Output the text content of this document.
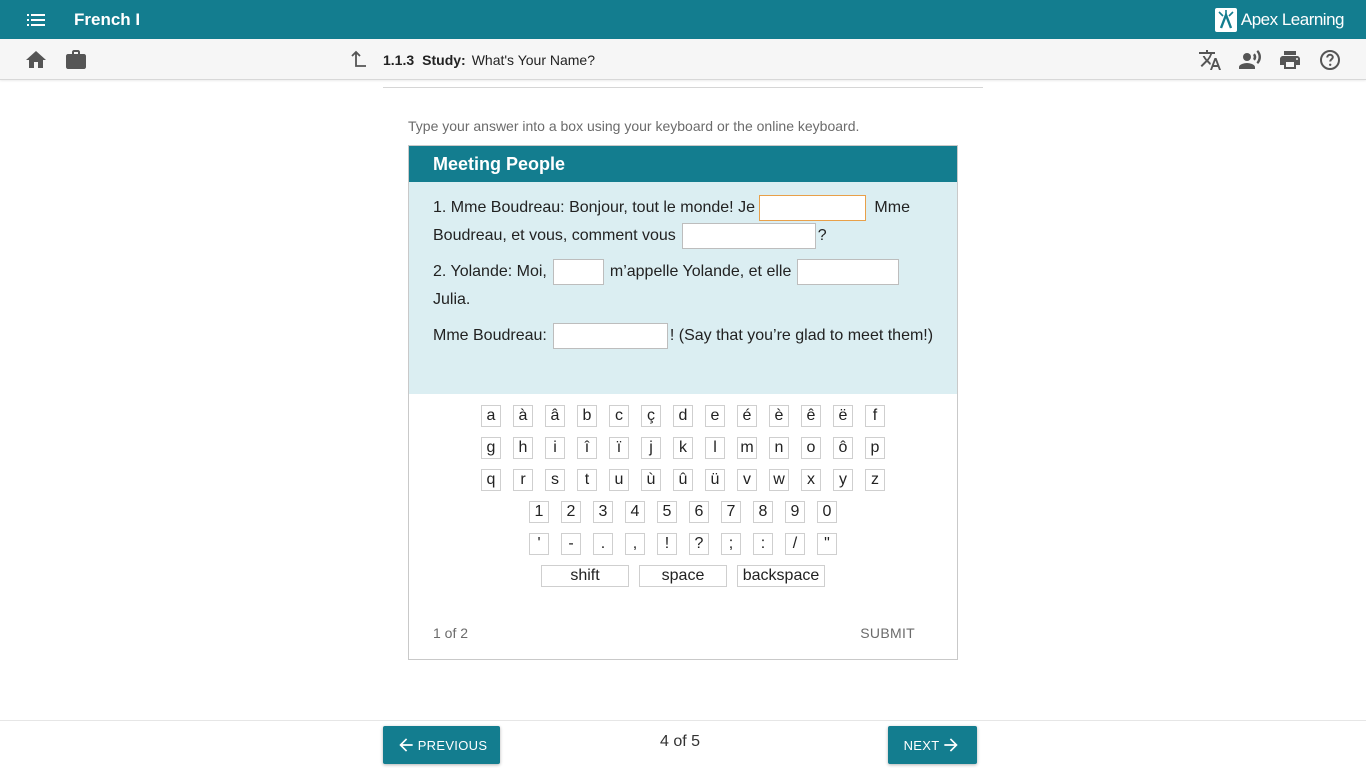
French I	Apex Learning
1.1.3 Study: What's Your Name?
Type your answer into a box using your keyboard or the online keyboard.
Meeting People
1. Mme Boudreau: Bonjour, tout le monde! Je	Mme Boudreau, et vous, comment vous	?
2. Yolande: Moi,	m’appelle Yolande, et elle
Julia.
Mme Boudreau:	! (Say that you’re glad to meet them!)
a	à	â	b	c	ç	d	e	é	è	ê	ë	f
g	h	i	î	ï	j	k	l	m	n	o	ô	p
q	r	s	t	u	ù	û	ü	v	w	x	y	z
1	2	3	4	5	6	7	8	9	0
'	-	.	,	!	?	;	:	/	"
shift	space	backspace
1 of 2	SUBMIT
PREVIOUS	4 of 5	NEXT
